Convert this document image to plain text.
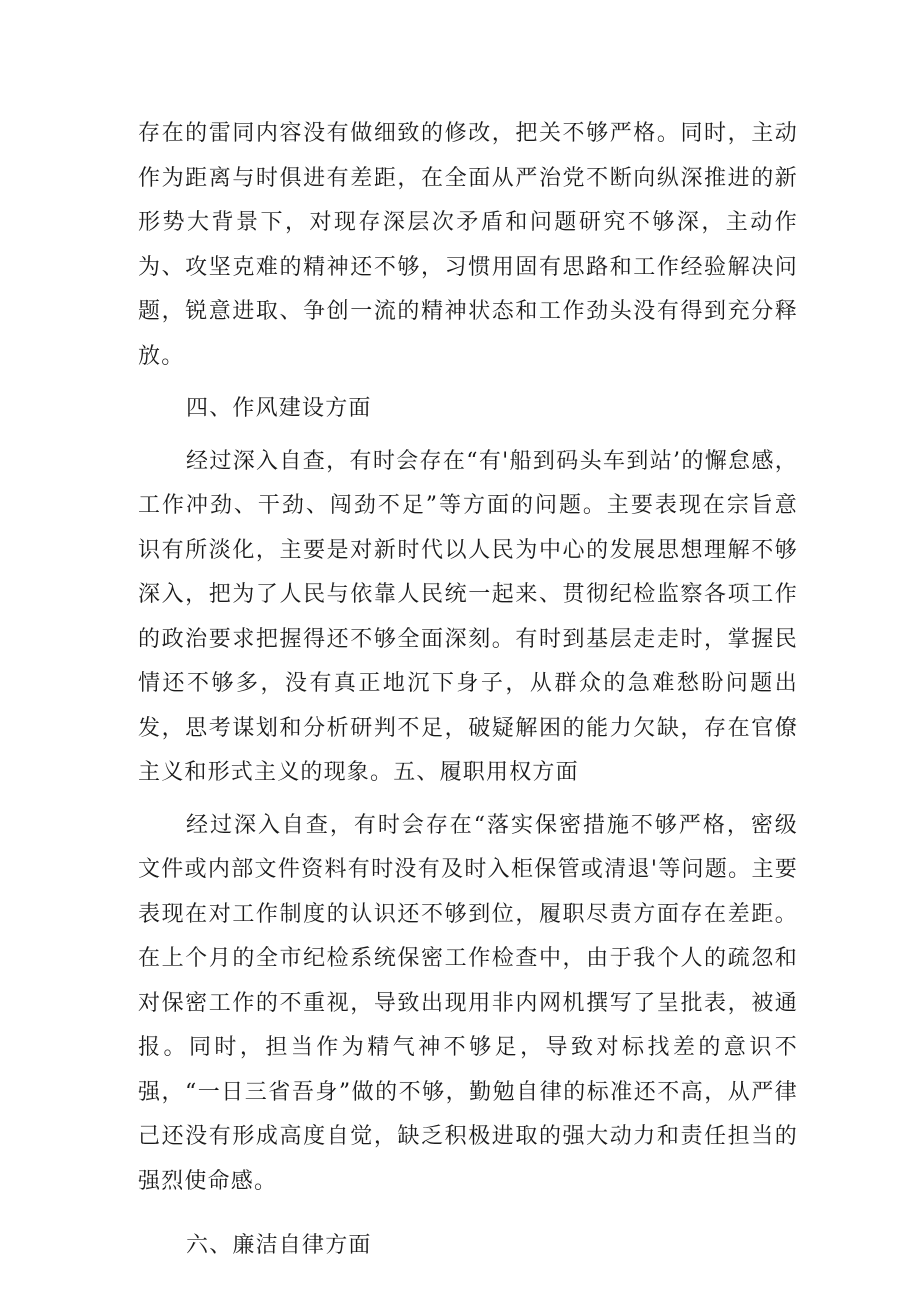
存在的雷同内容没有做细致的修改，把关不够严格。同时，主动作为距离与时俱进有差距，在全面从严治党不断向纵深推进的新形势大背景下，对现存深层次矛盾和问题研究不够深，主动作为、攻坚克难的精神还不够，习惯用固有思路和工作经验解决问题，锐意进取、争创一流的精神状态和工作劲头没有得到充分释放。

四、作风建设方面

经过深入自查，有时会存在“有'船到码头车到站’的懈怠感，工作冲劲、干劲、闯劲不足”等方面的问题。主要表现在宗旨意识有所淡化，主要是对新时代以人民为中心的发展思想理解不够深入，把为了人民与依靠人民统一起来、贯彻纪检监察各项工作的政治要求把握得还不够全面深刻。有时到基层走走时，掌握民情还不够多，没有真正地沉下身子，从群众的急难愁盼问题出发，思考谋划和分析研判不足，破疑解困的能力欠缺，存在官僚主义和形式主义的现象。五、履职用权方面

经过深入自查，有时会存在“落实保密措施不够严格，密级文件或内部文件资料有时没有及时入柜保管或清退'等问题。主要表现在对工作制度的认识还不够到位，履职尽责方面存在差距。在上个月的全市纪检系统保密工作检查中，由于我个人的疏忽和对保密工作的不重视，导致出现用非内网机撰写了呈批表，被通报。同时，担当作为精气神不够足，导致对标找差的意识不强，“一日三省吾身”做的不够，勤勉自律的标准还不高，从严律己还没有形成高度自觉，缺乏积极进取的强大动力和责任担当的强烈使命感。

六、廉洁自律方面
